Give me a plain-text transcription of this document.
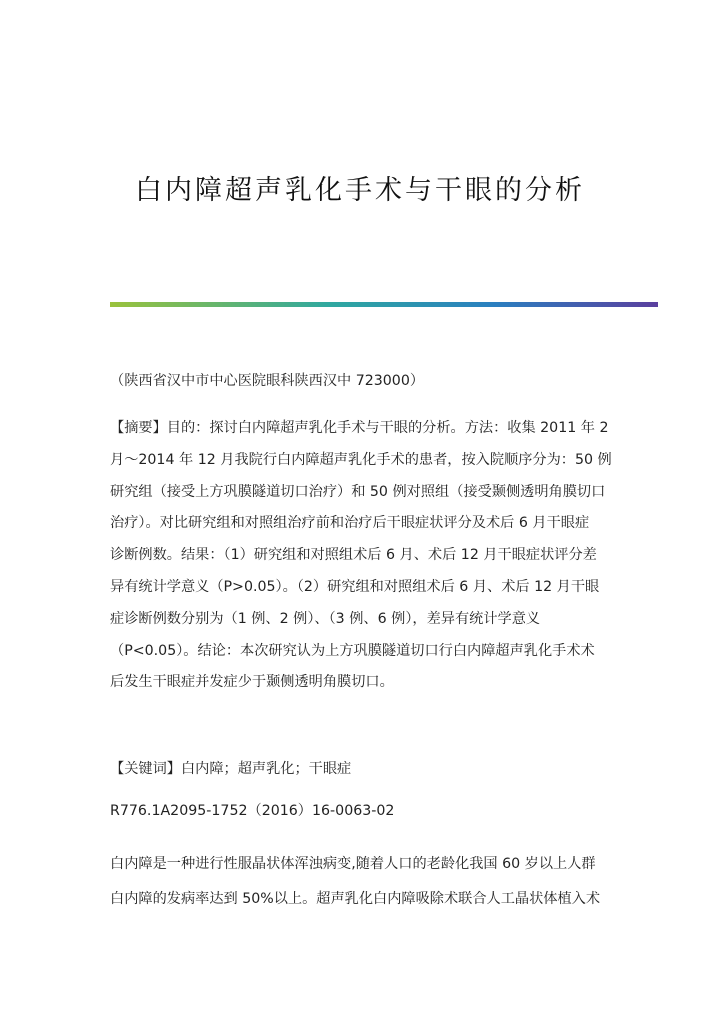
白内障超声乳化手术与干眼的分析
（陕西省汉中市中心医院眼科陕西汉中 723000）
【摘要】目的：探讨白内障超声乳化手术与干眼的分析。方法：收集 2011 年 2
月～2014 年 12 月我院行白内障超声乳化手术的患者，按入院顺序分为：50 例
研究组（接受上方巩膜隧道切口治疗）和 50 例对照组（接受颞侧透明角膜切口
治疗）。对比研究组和对照组治疗前和治疗后干眼症状评分及术后 6 月干眼症
诊断例数。结果：（1）研究组和对照组术后 6 月、术后 12 月干眼症状评分差
异有统计学意义（P>0.05）。（2）研究组和对照组术后 6 月、术后 12 月干眼
症诊断例数分别为（1 例、2 例）、（3 例、6 例），差异有统计学意义
（P<0.05）。结论：本次研究认为上方巩膜隧道切口行白内障超声乳化手术术
后发生干眼症并发症少于颞侧透明角膜切口。
【关键词】白内障；超声乳化；干眼症
R776.1A2095-1752（2016）16-0063-02
白内障是一种进行性服晶状体浑浊病变,随着人口的老龄化我国 60 岁以上人群
白内障的发病率达到 50%以上。超声乳化白内障吸除术联合人工晶状体植入术
